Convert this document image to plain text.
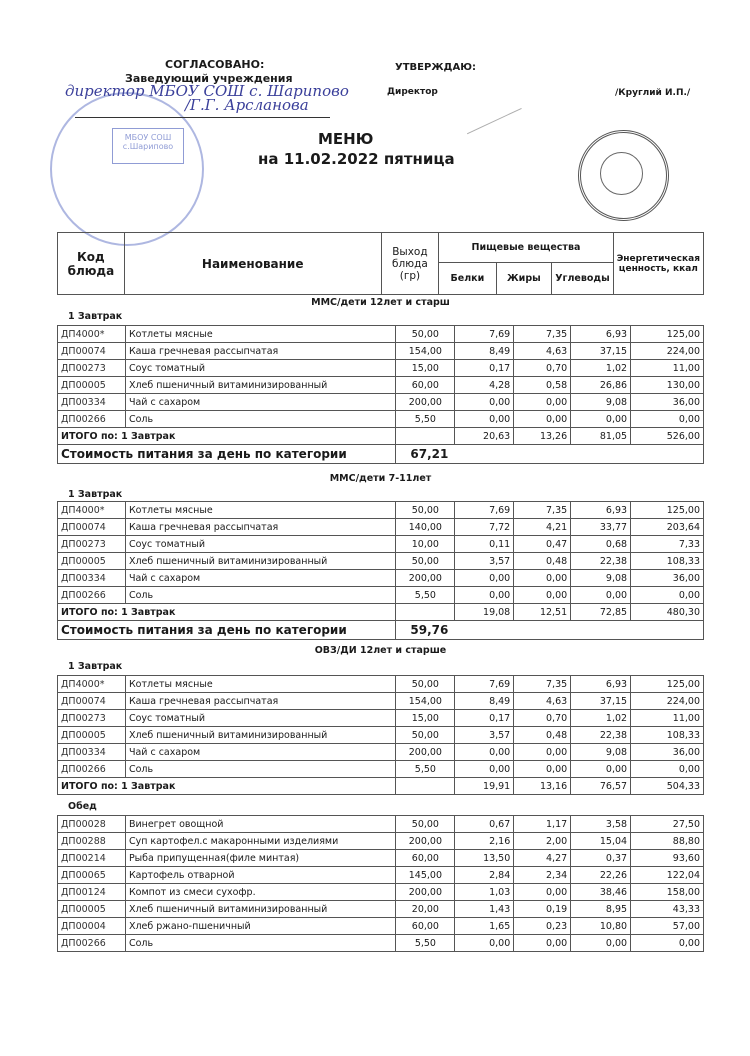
МБОУ СОШ с.Шарипово
СОГЛАСОВАНО:
Заведующий учреждения
директор МБОУ СОШ с. Шарипово
/Г.Г. Арсланова
УТВЕРЖДАЮ:
Директор	/Круглий И.П./
МЕНЮ
на 11.02.2022 пятница
Код блюда	Наименование	Выход блюда (гр)	Пищевые вещества			Энергетическая ценность, ккал
			Белки	Жиры	Углеводы	
ММС/дети 12лет и старш
1 Завтрак
ДП4000*	Котлеты мясные	50,00	7,69	7,35	6,93	125,00
ДП00074	Каша гречневая рассыпчатая	154,00	8,49	4,63	37,15	224,00
ДП00273	Соус томатный	15,00	0,17	0,70	1,02	11,00
ДП00005	Хлеб пшеничный витаминизированный	60,00	4,28	0,58	26,86	130,00
ДП00334	Чай с сахаром	200,00	0,00	0,00	9,08	36,00
ДП00266	Соль	5,50	0,00	0,00	0,00	0,00
ИТОГО по: 1 Завтрак			20,63	13,26	81,05	526,00
Стоимость питания за день по категории		67,21				
ММС/дети 7-11лет
1 Завтрак
ДП4000*	Котлеты мясные	50,00	7,69	7,35	6,93	125,00
ДП00074	Каша гречневая рассыпчатая	140,00	7,72	4,21	33,77	203,64
ДП00273	Соус томатный	10,00	0,11	0,47	0,68	7,33
ДП00005	Хлеб пшеничный витаминизированный	50,00	3,57	0,48	22,38	108,33
ДП00334	Чай с сахаром	200,00	0,00	0,00	9,08	36,00
ДП00266	Соль	5,50	0,00	0,00	0,00	0,00
ИТОГО по: 1 Завтрак			19,08	12,51	72,85	480,30
Стоимость питания за день по категории		59,76				
ОВЗ/ДИ 12лет и старше
1 Завтрак
ДП4000*	Котлеты мясные	50,00	7,69	7,35	6,93	125,00
ДП00074	Каша гречневая рассыпчатая	154,00	8,49	4,63	37,15	224,00
ДП00273	Соус томатный	15,00	0,17	0,70	1,02	11,00
ДП00005	Хлеб пшеничный витаминизированный	50,00	3,57	0,48	22,38	108,33
ДП00334	Чай с сахаром	200,00	0,00	0,00	9,08	36,00
ДП00266	Соль	5,50	0,00	0,00	0,00	0,00
ИТОГО по: 1 Завтрак			19,91	13,16	76,57	504,33
Обед
ДП00028	Винегрет овощной	50,00	0,67	1,17	3,58	27,50
ДП00288	Суп картофел.с макаронными изделиями	200,00	2,16	2,00	15,04	88,80
ДП00214	Рыба припущенная(филе минтая)	60,00	13,50	4,27	0,37	93,60
ДП00065	Картофель отварной	145,00	2,84	2,34	22,26	122,04
ДП00124	Компот из смеси сухофр.	200,00	1,03	0,00	38,46	158,00
ДП00005	Хлеб пшеничный витаминизированный	20,00	1,43	0,19	8,95	43,33
ДП00004	Хлеб ржано-пшеничный	60,00	1,65	0,23	10,80	57,00
ДП00266	Соль	5,50	0,00	0,00	0,00	0,00
